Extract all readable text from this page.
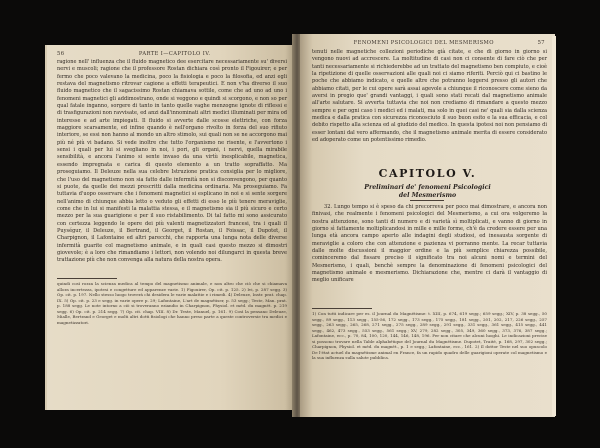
56	PARTE I—CAPITOLO IV.
ragione nell' influenza che il fluido magnetico dee esercitare necessariamente su' diversi nervi e muscoli; ragione che il professore Rostan dichiara così pronto il Figouirer; e per fermo che poco valevano la medicina, poco la fisiologia e poco la filosofia, ed anzi egli restava del magnetismo ritrovar cagione a effetti terapeutici. E non v'ha diverso il suo fluido magnetico che il sagacissimo Rostan chiamava sottile, come che ad uno ad uno i fenomeni magnetici gli addimostrano, onde si veggono e quindi si scorgono, e non so per qual fatale inganno, sorgere di tanto in tanto quelle vaghe menzogne ignote di riflessi e di trasfigurazioni non ravvisate, ed anzi dall'innominati altri medici illuminati per mira od interesse e ad arte impiegati. Il fluido si avverte dalle scosse elettriche, con forza maggiore scarsamente, ed infine quando è nell'organo rivolto in forza del suo rifiuto interiore, se essi non hanno al mondo un altro stimolo, sui quali non se ne accorgono mai più né più vi badano. Si vede inoltre che tutto l'organismo ne risente, e l'avvertono i sensi i quali per lui si svegliano in noi, i pori, gli organi, i nervi, quella mirabile sensibilità, e ancora l'animo si sente invaso da una virtù inesplicabile, magnetica, essendo impregnata e carica di questo elemento a un tratto sopraffatto. Ma proseguiamo. Il Deleuze nella sua celebre Istruzione pratica consiglia per lo migliore, che l'uso del magnetismo non sia fatto dalle infermità non si disconvengono, per quanto si puote, da quelle dei mezzi prescritti dalla medicina ordinaria. Ma proseguiamo. Fa tuttavia d'uopo osservare che i fenomeni magnetici si esplicano in noi e si sente sorgere nell'animo di chiunque abbia letto o veduto gli effetti di esso le più tenere meraviglie, come che in lui si manifesti la malattia stessa, e il magnetismo sia il più sicuro e certo mezzo per la sua guarigione e per il suo ristabilimento. Di tal fatto mi sono assicurato con certezza leggendo le opere dei più valenti magnetizzatori francesi, tra i quali il Puységur, il Deleuze, il Bertrand, il Georget, il Rostan, il Foissac, il Dupotet, il Charpignon, il Lafontaine ed altri parecchi, che rapporta una lunga nota delle diverse infermità guarite col magnetismo animale, e in quali casi questo mezzo si dimostri giovevole; è a loro che rimandiamo i lettori, non volendo noi dilungarci in questa breve trattazione più che non convenga alla natura della nostra opera.
quindi così rozza la scienza medica al tempo del magnetismo animale, e non altro che ciò che si chiamava allora incertezza, ipotesi e congetture ed apparenze varie. 1) Figouirer, Op. cit. p. 125. 2) Ivi, p. 287 segg. 3) Op. cit. p. 197. Nello stesso luogo troverà chi desidera le varie malattie e i rimedi. 4) Deleuze, Instr. prat. chap. IX. 5) Op. cit. p. 23 e segg. in varie opere p. 29; Lafontaine, L'art de magnétiser, p. 53 segg.; Teste, Man. prat. p. 188 segg. Le note intorno a ciò si troveranno eziandio in Charpignon, Physiol. et méd. du magnét. p. 219 segg. 6) Op. cit. p. 214 segg. 7) Op. cit. chap. VIII. 8) Dr. Teste, Manuel, p. 161. 9) Così la pensano Deleuze, Mialle, Bertrand e Georget e molti altri dotti fisiologi che hanno preso parte a queste controversie tra medici e magnetizzatori.
FENOMENI PSICOLOGICI DEL MESMERISMO	57
tenuti nelle magnetiche collezioni periodiche già citate, e che di giorno in giorno si vengono nuovi ad accrescere. La moltitudine di casi non ci consente di fare ciò che per tanti necessariamente si richiederebbe ad un trattato del magnetismo ben compiuto, e cioè la ripetizione di quelle osservazioni alle quali noi ci siamo riferiti. Perciò qui ci bastino le poche che abbiamo indicato, e quelle altre che potranno leggersi presso gli autori che abbiamo citati, per le cui opere sarà assai agevole a chiunque il riconoscere come sieno da aversi in pregio que' grandi vantaggi, i quali sono stati recati dal magnetismo animale all'arte salutare. Si avverta tuttavia che noi non crediamo di rimandare a questo mezzo sempre e per ogni caso i medici ed i malati, ma solo in quei casi ne' quali sia dalla scienza medica e dalla pratica con sicurezza riconosciuto il suo buon esito e la sua efficacia, e col debito rispetto alla scienza ed al giudizio del medico. In questa ipotesi noi non pensiamo di esser lontani dal vero affermando, che il magnetismo animale merita di essere considerato ed adoperato come un potentissimo rimedio.
CAPITOLO V.
Preliminari de' fenomeni Psicologici
del Mesmerismo
32. Lungo tempo si è speso da chi precorreva per poco mai dimostrare, e ancora non finivasi, che realmente i fenomeni psicologici del Mesmerismo, a cui ora volgeremo la nostra attenzione, sono tanti di numero e di varietà sì moltiplicati, e vanno di giorno in giorno sì fattamente moltiplicandosi in mille e mille forme, ch'è da credere essere per una lunga età ancora campo aperto alle indagini degli studiosi, ed inesausta sorgente di meraviglie a coloro che con attenzione e pazienza vi porranno mente. La recar tuttavia dalle molte discussioni il maggior ordine e la più semplice chiarezza possibile, cominceremo dal fissare preciso il significato tra noi alcuni nomi e termini del Mesmerismo, i quali, benchè sempre la denominazione di fenomeni psicologici del magnetismo animale e mesmerismo. Dichiarazione che, mentre ci darà il vantaggio di meglio unificare
1) Con tutti indicare per es. il Journal du Magnétisme: t. XIII, p. 674, 619 segg.; 659 segg.; XIV, p. 38 segg., 50 segg., 89 segg., 113 segg., 155-56, 172 segg., 173 segg., 175 segg., 181 segg., 201, 202, 217, 226 segg., 257 segg., 263 segg., 265, 268, 271 segg., 275 segg., 289 segg., 291 segg., 331 segg., 361 segg., 415 segg., 441 segg., 462, 473 segg., 553 segg., 561 segg.; XV, 279, 282 segg., 305, 349, 360 segg., 373, 376, 387 segg.; Lafontaine, ecc., p. 70, 84, 100, 120, 144, 146, 148, 196. Per non citare che alcuni luoghi. Le indicazioni precise si possono trovare nella Table alphabétique del Journal du Magnétisme. Dupotet, Traité, p. 168, 297, 302 segg.; Charpignon, Physiol. et méd. du magnét., p. 1 e segg.; Lafontaine, ecc., 161. 2) Il dottor Teste nel suo opuscolo De l'état actuel du magnétisme animal en France, fa un rapido quadro delle guarigioni operate col magnetismo e la sua influenza sulla salute pubblica.
